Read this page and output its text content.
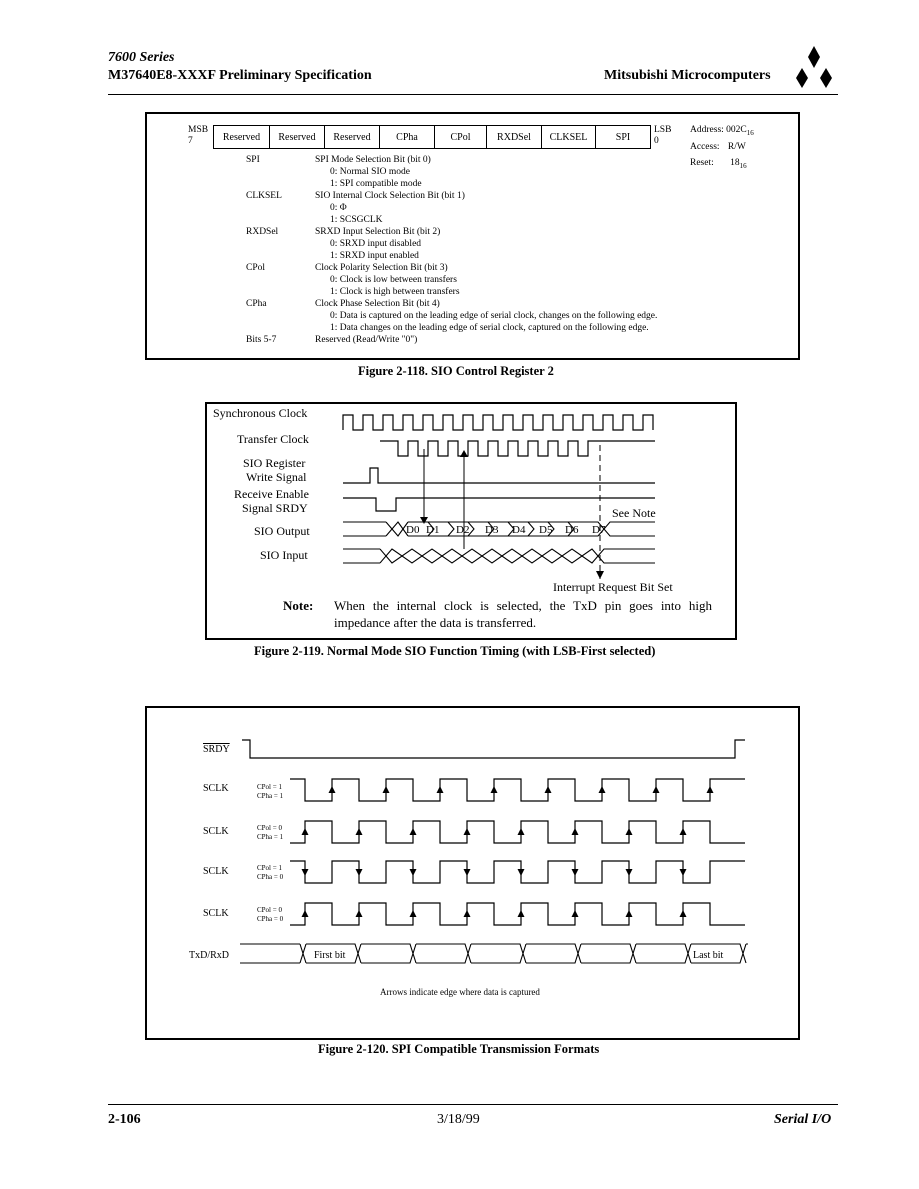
7600 Series
M37640E8-XXXF Preliminary Specification	Mitsubishi Microcomputers
MSB
7	Reserved	Reserved	Reserved	CPha	CPol	RXDSel	CLKSEL	SPI
LSB
0
Address: $002C_{16}$
Access: R/W
Reset: $18_{16}$
SPI	SPI Mode Selection Bit (bit 0)
0: Normal SIO mode
1: SPI compatible mode
CLKSEL	SIO Internal Clock Selection Bit (bit 1)
0: Φ
1: SCSGCLK
RXDSel	SRXD Input Selection Bit (bit 2)
0: SRXD input disabled
1: SRXD input enabled
CPol	Clock Polarity Selection Bit (bit 3)
0: Clock is low between transfers
1: Clock is high between transfers
CPha	Clock Phase Selection Bit (bit 4)
0: Data is captured on the leading edge of serial clock, changes on the following edge.
1: Data changes on the leading edge of serial clock, captured on the following edge.
Bits 5-7	Reserved (Read/Write "0")
Figure 2-118. SIO Control Register 2
Synchronous Clock
Transfer Clock
SIO Register
Write Signal
Receive Enable
Signal SRDY
SIO Output
SIO Input
D0 D1 D2 D3 D4 D5 D6 D7
See Note
Interrupt Request Bit Set
Note: When the internal clock is selected, the TxD pin goes into high
impedance after the data is transferred.
Figure 2-119. Normal Mode SIO Function Timing (with LSB-First selected)
SRDY
SCLK
SCLK
SCLK
SCLK
CPol = 1
CPha = 1
CPol = 0
CPha = 1
CPol = 1
CPha = 0
CPol = 0
CPha = 0
TxD/RxD	First bit	Last bit
Arrows indicate edge where data is captured
Figure 2-120. SPI Compatible Transmission Formats
2-106	3/18/99	Serial I/O
